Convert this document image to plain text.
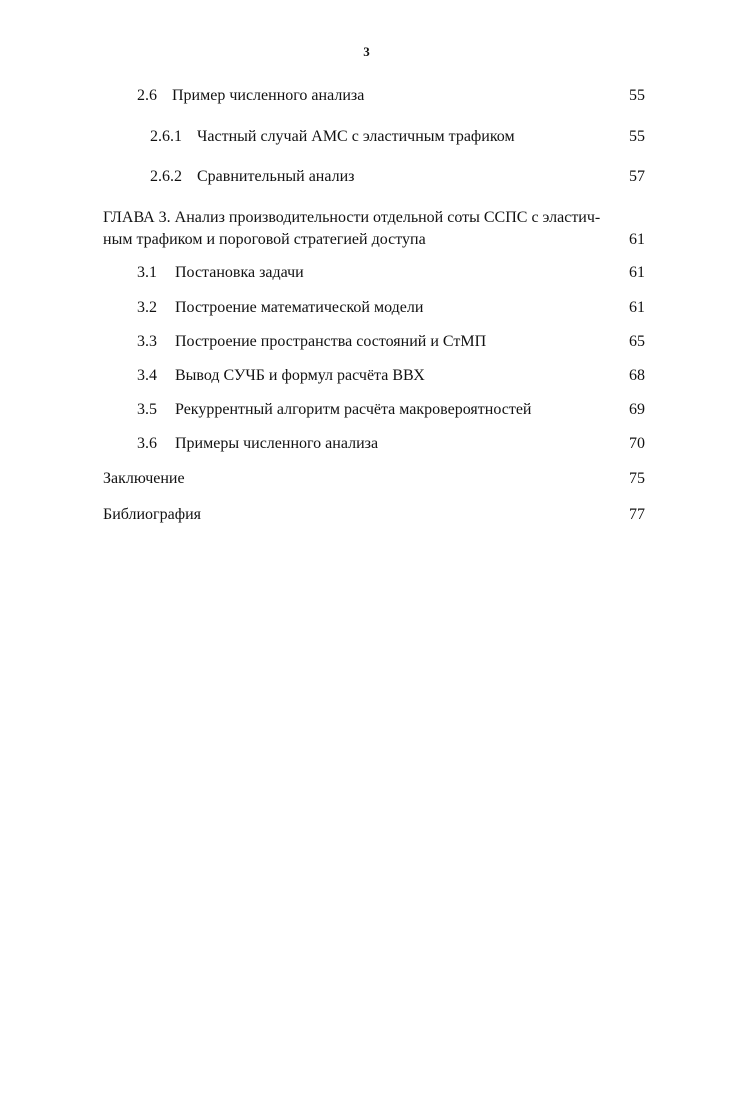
3
2.6 Пример численного анализа	55
2.6.1 Частный случай АМС с эластичным трафиком	55
2.6.2 Сравнительный анализ	57
ГЛАВА 3. Анализ производительности отдельной соты ССПС с эластич-
ным трафиком и пороговой стратегией доступа	61
3.1 Постановка задачи	61
3.2 Построение математической модели	61
3.3 Построение пространства состояний и СтМП	65
3.4 Вывод СУЧБ и формул расчёта ВВХ	68
3.5 Рекуррентный алгоритм расчёта макровероятностей	69
3.6 Примеры численного анализа	70
Заключение	75
Библиография	77
